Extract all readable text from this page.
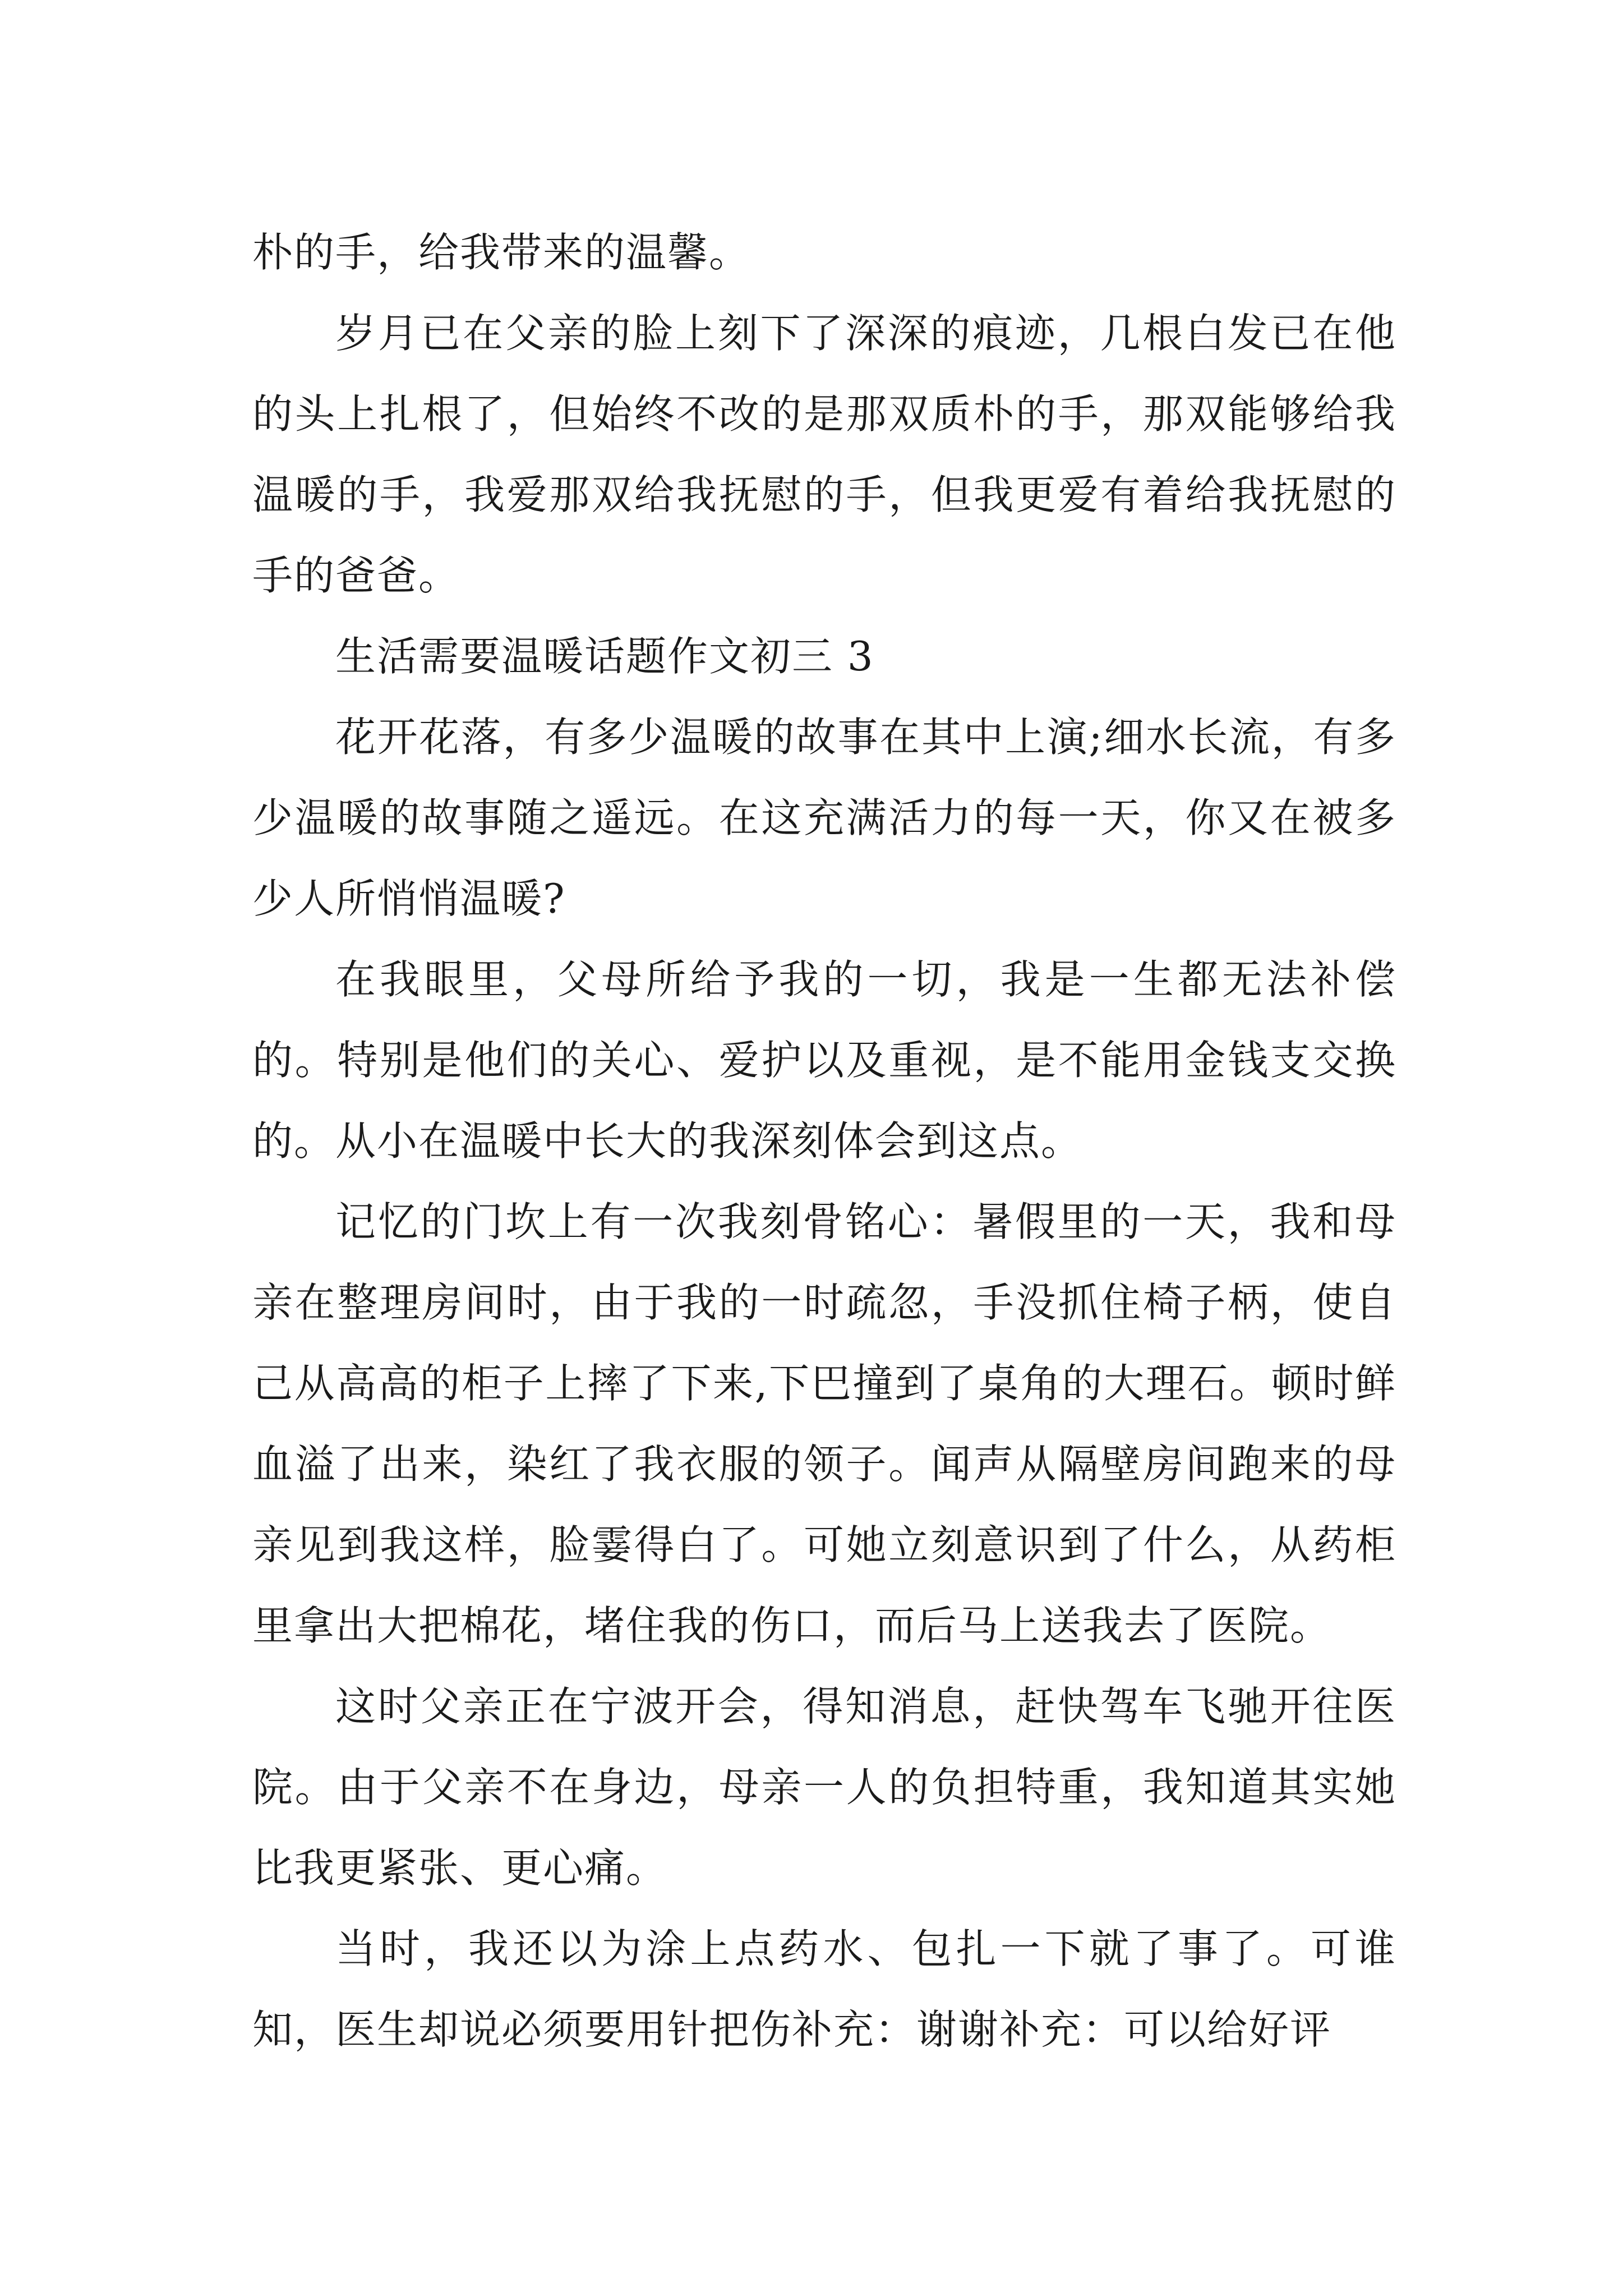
朴的手，给我带来的温馨。

岁月已在父亲的脸上刻下了深深的痕迹，几根白发已在他的头上扎根了，但始终不改的是那双质朴的手，那双能够给我温暖的手，我爱那双给我抚慰的手，但我更爱有着给我抚慰的手的爸爸。

生活需要温暖话题作文初三 3

花开花落，有多少温暖的故事在其中上演;细水长流，有多少温暖的故事随之遥远。在这充满活力的每一天，你又在被多少人所悄悄温暖?

在我眼里，父母所给予我的一切，我是一生都无法补偿的。特别是他们的关心、爱护以及重视，是不能用金钱支交换的。从小在温暖中长大的我深刻体会到这点。

记忆的门坎上有一次我刻骨铭心：暑假里的一天，我和母亲在整理房间时，由于我的一时疏忽，手没抓住椅子柄，使自己从高高的柜子上摔了下来,下巴撞到了桌角的大理石。顿时鲜血溢了出来，染红了我衣服的领子。闻声从隔壁房间跑来的母亲见到我这样，脸霎得白了。可她立刻意识到了什么，从药柜里拿出大把棉花，堵住我的伤口，而后马上送我去了医院。

这时父亲正在宁波开会，得知消息，赶快驾车飞驰开往医院。由于父亲不在身边，母亲一人的负担特重，我知道其实她比我更紧张、更心痛。

当时，我还以为涂上点药水、包扎一下就了事了。可谁知，医生却说必须要用针把伤补充：谢谢补充：可以给好评
